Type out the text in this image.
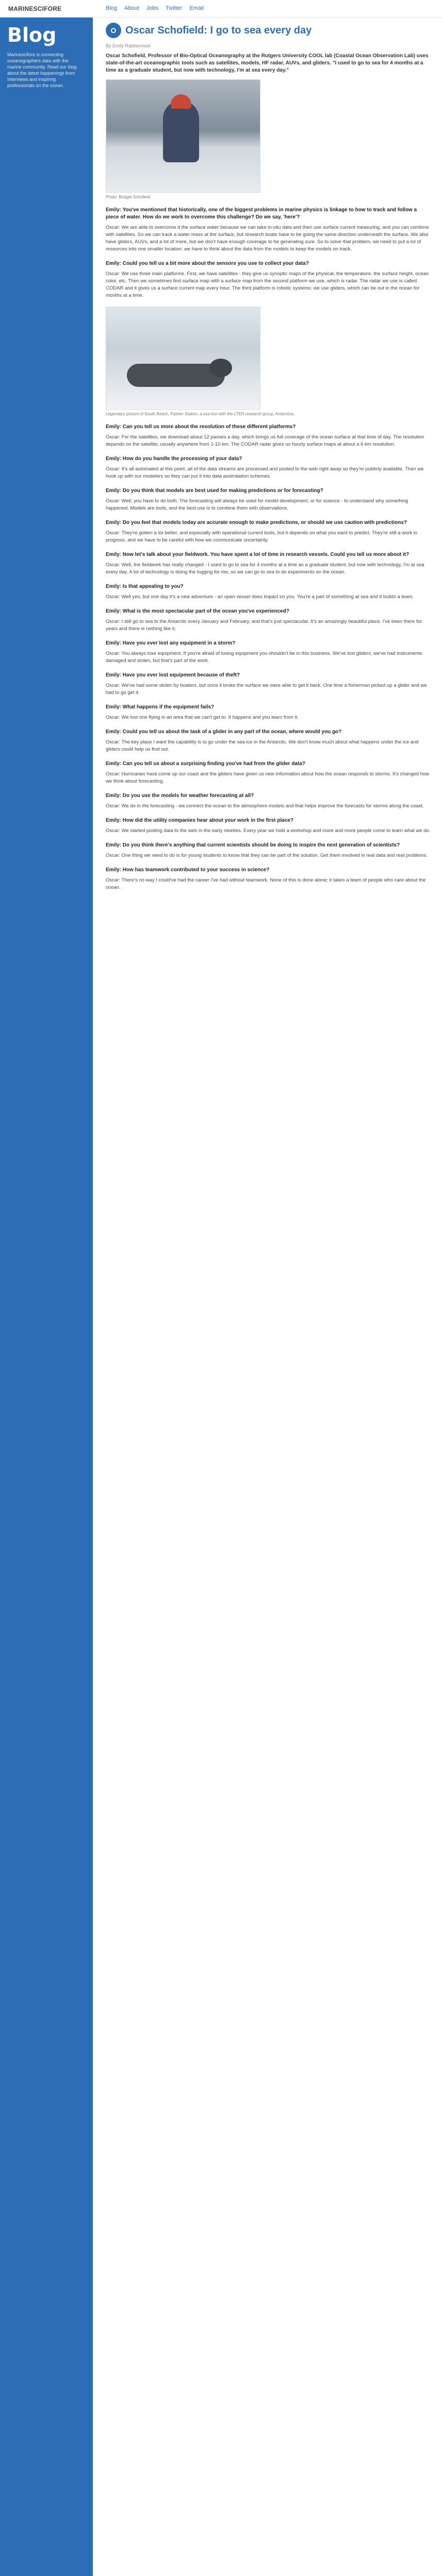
MARINESCIFORE	Blog About Jobs Twitter Email
Blog
Marinescifore is connecting oceanographers data with the marine community. Read our blog about the latest happenings from Interviews and inspiring professionals on the ocean.
O Oscar Schofield: I go to sea every day
By Emily Rabbermoor
Oscar Schofield, Professor of Bio-Optical Oceanography at the Rutgers University COOL lab (Coastal Ocean Observation Lab) uses state-of-the-art oceanographic tools such as satellites, models, HF radar, AUVs, and gliders. "I used to go to sea for 4 months at a time as a graduate student, but now with technology, I'm at sea every day."
Photo: Bridget Schofield
Emily: You've mentioned that historically, one of the biggest problems in marine physics is linkage to how to track and follow a piece of water. How do we work to overcome this challenge? Do we say, 'here'?
Oscar: We are able to overcome it the surface water because we can take in-situ data and then use surface current measuring, and you can combine with satellites. So we can track a water mass at the surface, but research boats have to be going the same direction underneath the surface. We also have gliders, AUVs, and a lot of more, but we don't have enough coverage to be generating sure. So to solve that problem, we need to put a lot of resources into one smaller location; we have to think about the data from the models to keep the models on track.
Emily: Could you tell us a bit more about the sensors you use to collect your data?
Oscar: We use three main platforms. First, we have satellites - they give us synoptic maps of the physical, the temperature, the surface height, ocean color, etc. Then we sometimes find surface map with a surface map from the second platform we use, which is radar. The radar we use is called CODAR and it gives us a surface current map every hour. The third platform is robotic systems: we use gliders, which can be out in the ocean for months at a time.
Legendary picture of South Beach, Palmer Station, a sea lion with the LTER research group, Antarctica.
Emily: Can you tell us more about the resolution of these different platforms?
Oscar: For the satellites, we download about 12 passes a day, which brings us full coverage of the ocean surface at that time of day. The resolution depends on the satellite, usually anywhere from 1-10 km. The CODAR radar gives us hourly surface maps at about a 6 km resolution.
Emily: How do you handle the processing of your data?
Oscar: It's all automated at this point, all of the data streams are processed and posted to the web right away so they're publicly available. Then we hook up with our modelers so they can put it into data assimilation schemes.
Emily: Do you think that models are best used for making predictions or for forecasting?
Oscar: Well, you have to do both. The forecasting will always be used for model development, or for science - to understand why something happened. Models are tools, and the best use is to combine them with observations.
Emily: Do you feel that models today are accurate enough to make predictions, or should we use caution with predictions?
Oscar: They're gotten a lot better, and especially with operational current tools, but it depends on what you want to predict. They're still a work in progress, and we have to be careful with how we communicate uncertainty.
Emily: Now let's talk about your fieldwork. You have spent a lot of time in research vessels. Could you tell us more about it?
Oscar: Well, the fieldwork has really changed - I used to go to sea for 4 months at a time as a graduate student, but now with technology, I'm at sea every day. A lot of technology is doing the logging for me, so we can go to sea to do experiments on the ocean.
Emily: Is that appealing to you?
Oscar: Well yes, but one day it's a new adventure - an open vessel does impact on you. You're a part of something at sea and it builds a team.
Emily: What is the most spectacular part of the ocean you've experienced?
Oscar: I still go to sea to the Antarctic every January and February, and that's just spectacular. It's an amazingly beautiful place. I've been there for years and there is nothing like it.
Emily: Have you ever lost any equipment in a storm?
Oscar: You always lose equipment. If you're afraid of losing equipment you shouldn't be in this business. We've lost gliders, we've had instruments damaged and stolen, but that's part of the work.
Emily: Have you ever lost equipment because of theft?
Oscar: We've had some stolen by boaters, but once it broke the surface we were able to get it back. One time a fisherman picked up a glider and we had to go get it.
Emily: What happens if the equipment fails?
Oscar: We lost one flying in an area that we can't get to. It happens and you learn from it.
Emily: Could you tell us about the task of a glider in any part of the ocean, where would you go?
Oscar: The key place I want the capability is to go under the sea ice in the Antarctic. We don't know much about what happens under the ice and gliders could help us find out.
Emily: Can you tell us about a surprising finding you've had from the glider data?
Oscar: Hurricanes have come up our coast and the gliders have given us new information about how the ocean responds to storms. It's changed how we think about forecasting.
Emily: Do you use the models for weather forecasting at all?
Oscar: We do in the forecasting - we connect the ocean to the atmosphere models and that helps improve the forecasts for storms along the coast.
Emily: How did the utility companies hear about your work in the first place?
Oscar: We started posting data to the web in the early nineties. Every year we hold a workshop and more and more people come to learn what we do.
Emily: Do you think there's anything that current scientists should be doing to inspire the next generation of scientists?
Oscar: One thing we need to do is for young students to know that they can be part of the solution. Get them involved in real data and real problems.
Emily: How has teamwork contributed to your success in science?
Oscar: There's no way I could've had the career I've had without teamwork. None of this is done alone; it takes a team of people who care about the ocean.
